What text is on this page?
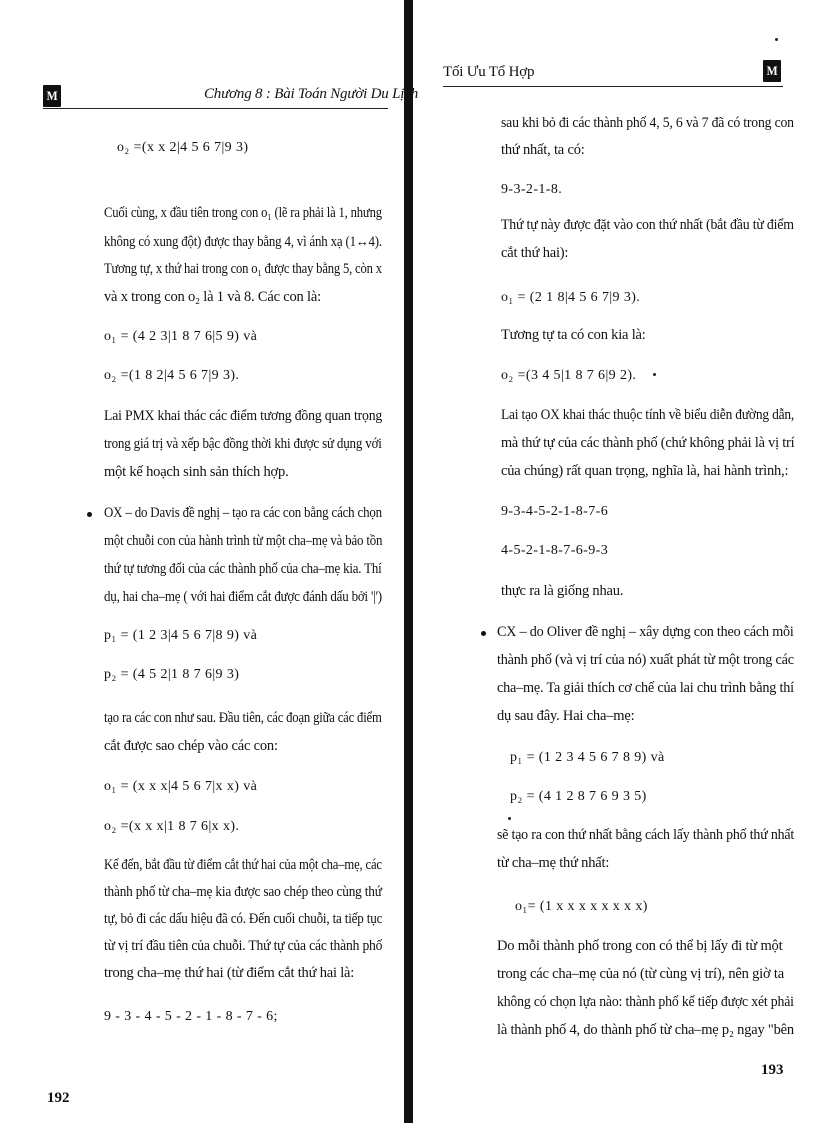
M	Chương 8 : Bài Toán Người Du Lịch
o₂ =(x x 2|4 5 6 7|9 3)
Cuối cùng, x đầu tiên trong con o₁ (lẽ ra phải là 1, nhưng
không có xung đột) được thay bằng 4, vì ánh xạ (1↔4).
Tương tự, x thứ hai trong con o₁ được thay bằng 5, còn x
và x trong con o₂ là 1 và 8. Các con là:
o₁ = (4 2 3|1 8 7 6|5 9) và
o₂ =(1 8 2|4 5 6 7|9 3).
Lai PMX khai thác các điểm tương đồng quan trọng
trong giá trị và xếp bậc đồng thời khi được sử dụng với
một kế hoạch sinh sản thích hợp.
OX – do Davis đề nghị – tạo ra các con bằng cách chọn
một chuỗi con của hành trình từ một cha–mẹ và bảo tồn
thứ tự tương đối của các thành phố của cha–mẹ kia. Thí
dụ, hai cha–mẹ ( với hai điểm cắt được đánh dấu bởi '|')
p₁ = (1 2 3|4 5 6 7|8 9) và
p₂ = (4 5 2|1 8 7 6|9 3)
tạo ra các con như sau. Đầu tiên, các đoạn giữa các điểm
cắt được sao chép vào các con:
o₁ = (x x x|4 5 6 7|x x) và
o₂ =(x x x|1 8 7 6|x x).
Kế đến, bắt đầu từ điểm cắt thứ hai của một cha–mẹ, các
thành phố từ cha–mẹ kia được sao chép theo cùng thứ
tự, bỏ đi các dấu hiệu đã có. Đến cuối chuỗi, ta tiếp tục
từ vị trí đầu tiên của chuỗi. Thứ tự của các thành phố
trong cha–mẹ thứ hai (từ điểm cắt thứ hai là:
9 - 3 - 4 - 5 - 2 - 1 - 8 - 7 - 6;
192
Tối Ưu Tổ Hợp	M
sau khi bỏ đi các thành phố 4, 5, 6 và 7 đã có trong con
thứ nhất, ta có:
9-3-2-1-8.
Thứ tự này được đặt vào con thứ nhất (bắt đầu từ điểm
cắt thứ hai):
o₁ = (2 1 8|4 5 6 7|9 3).
Tương tự ta có con kia là:
o₂ =(3 4 5|1 8 7 6|9 2).
Lai tạo OX khai thác thuộc tính về biểu diễn đường dẫn,
mà thứ tự của các thành phố (chứ không phải là vị trí
của chúng) rất quan trọng, nghĩa là, hai hành trình,:
9-3-4-5-2-1-8-7-6
4-5-2-1-8-7-6-9-3
thực ra là giống nhau.
CX – do Oliver đề nghị – xây dựng con theo cách mỗi
thành phố (và vị trí của nó) xuất phát từ một trong các
cha–mẹ. Ta giải thích cơ chế của lai chu trình bằng thí
dụ sau đây. Hai cha–mẹ:
p₁ = (1 2 3 4 5 6 7 8 9) và
p₂ = (4 1 2 8 7 6 9 3 5)
sẽ tạo ra con thứ nhất bằng cách lấy thành phố thứ nhất
từ cha–mẹ thứ nhất:
o₁= (1 x x x x x x x x)
Do mỗi thành phố trong con có thể bị lấy đi từ một
trong các cha–mẹ của nó (từ cùng vị trí), nên giờ ta
không có chọn lựa nào: thành phố kế tiếp được xét phải
là thành phố 4, do thành phố từ cha–mẹ p₂ ngay "bên
193
